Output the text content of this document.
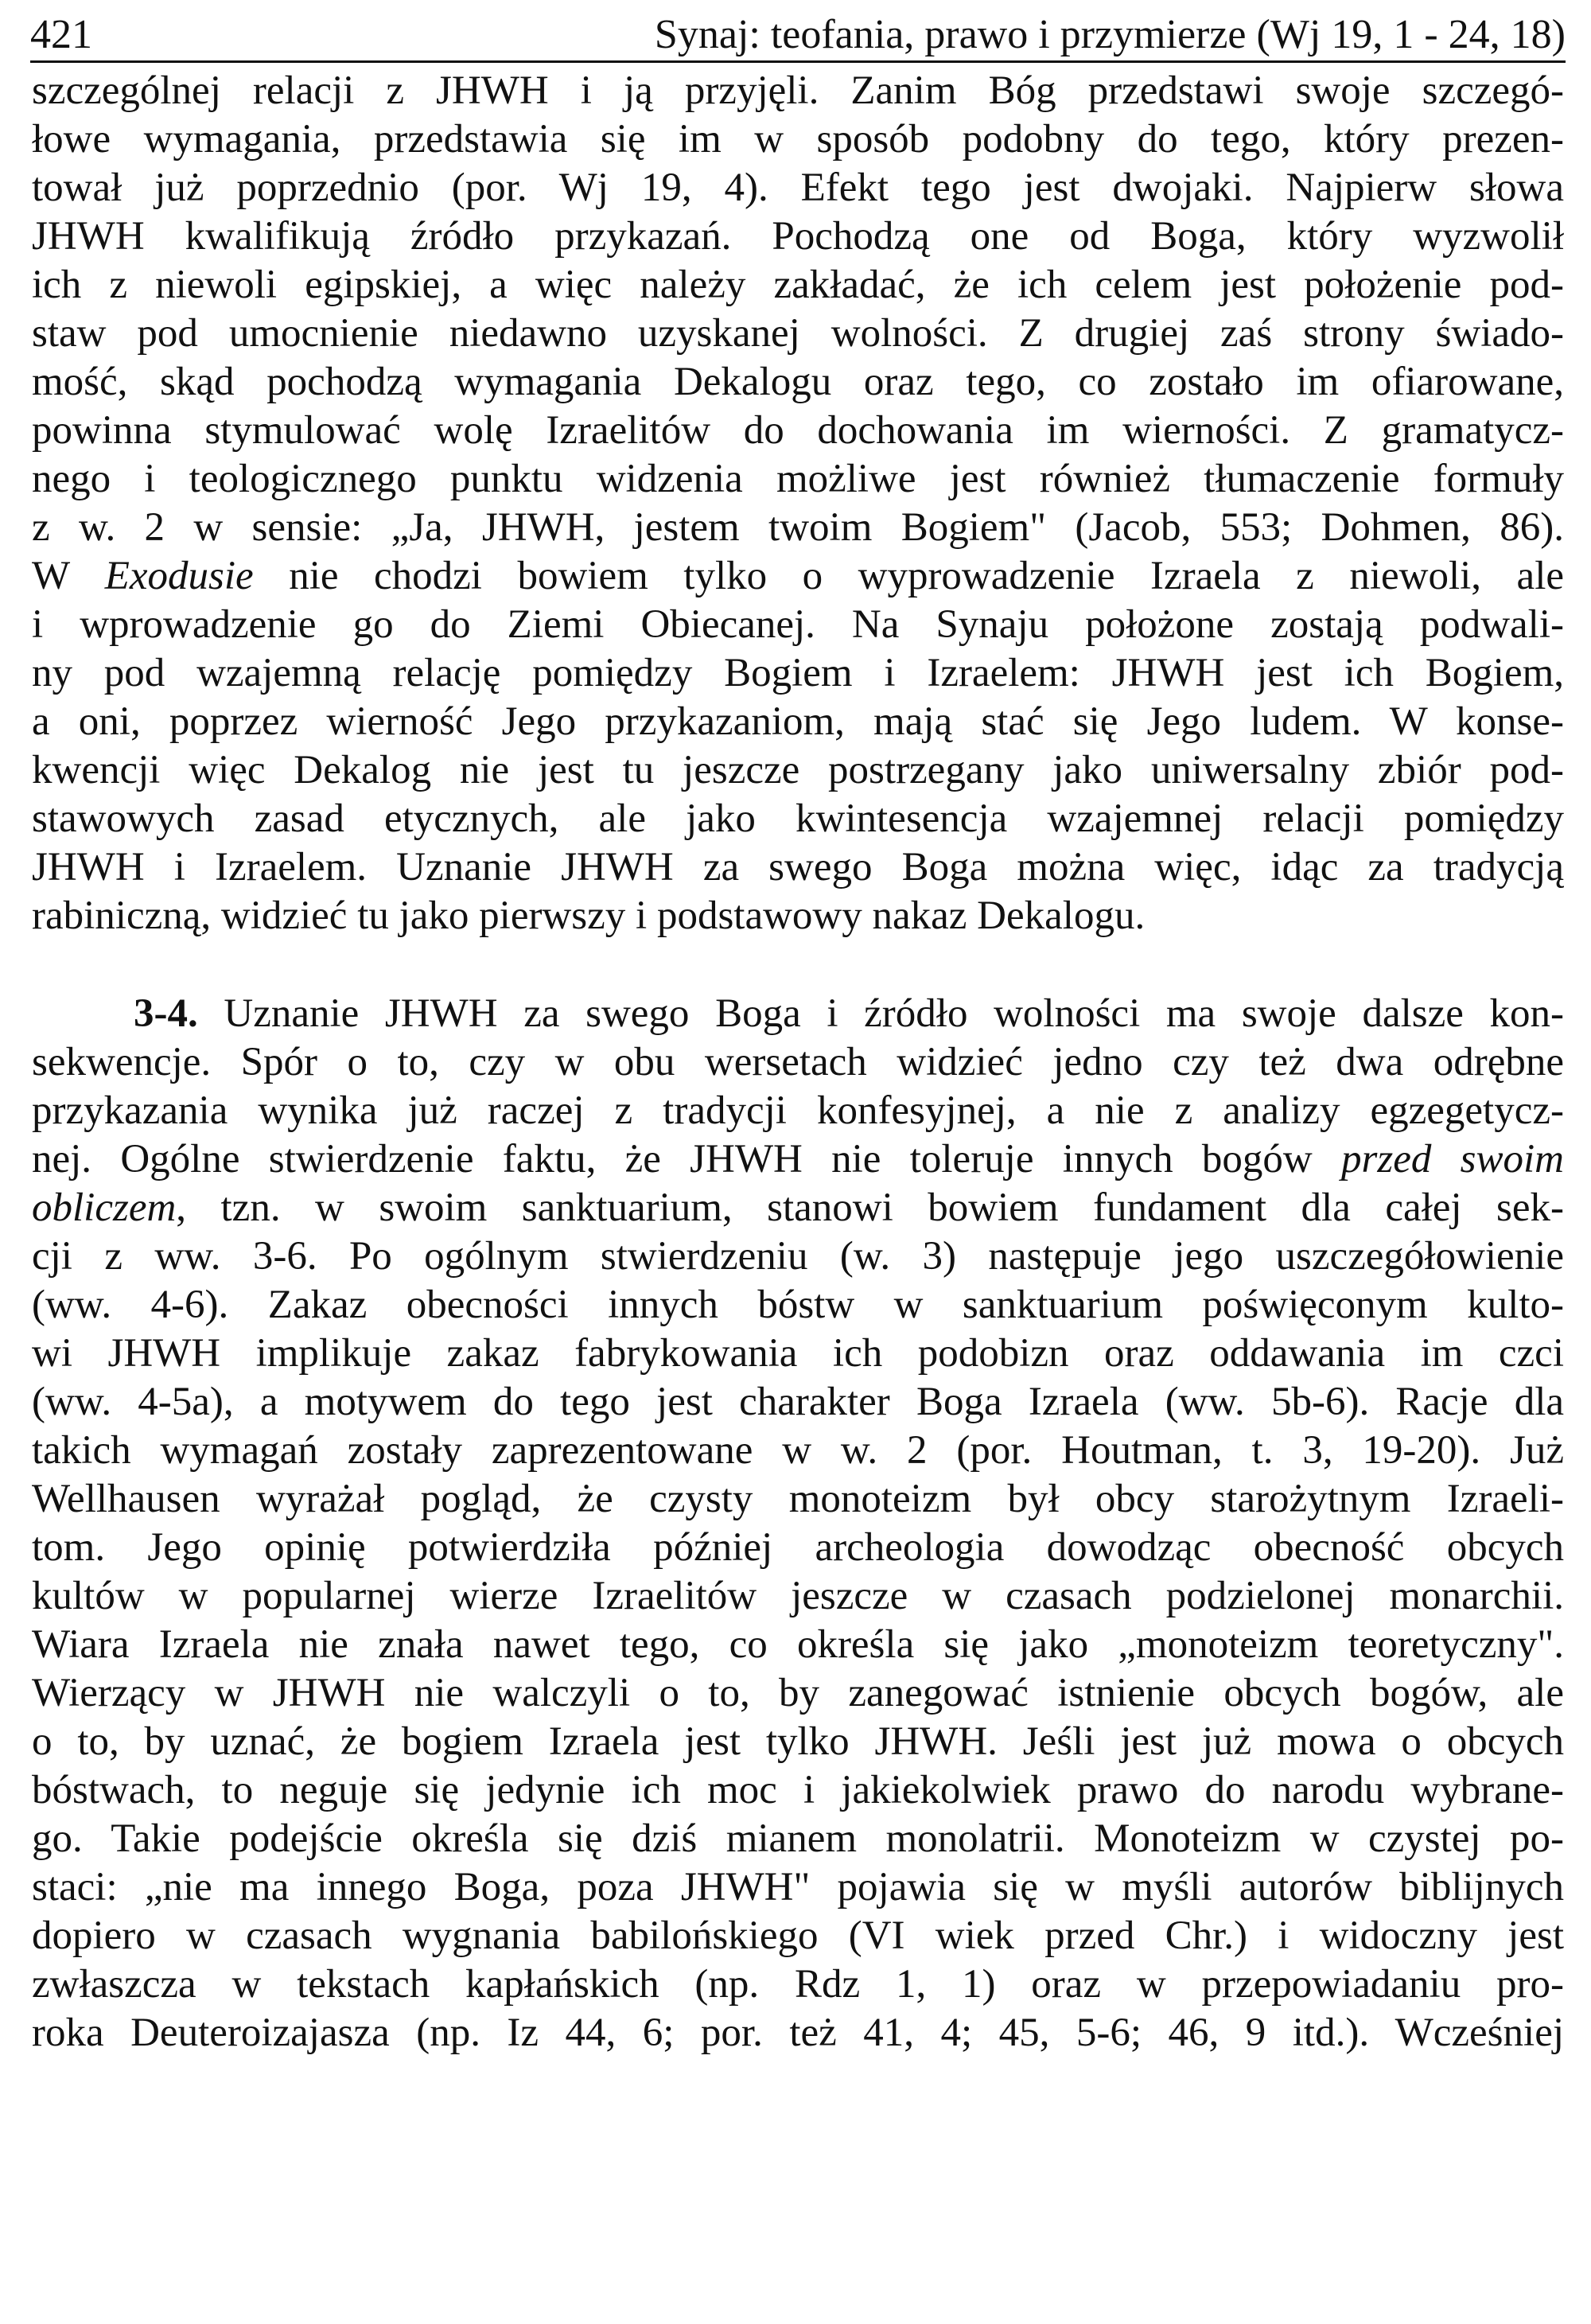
421	Synaj: teofania, prawo i przymierze (Wj 19, 1 - 24, 18)
szczególnej relacji z JHWH i ją przyjęli. Zanim Bóg przedstawi swoje szczegó-
łowe wymagania, przedstawia się im w sposób podobny do tego, który prezen-
tował już poprzednio (por. Wj 19, 4). Efekt tego jest dwojaki. Najpierw słowa
JHWH kwalifikują źródło przykazań. Pochodzą one od Boga, który wyzwolił
ich z niewoli egipskiej, a więc należy zakładać, że ich celem jest położenie pod-
staw pod umocnienie niedawno uzyskanej wolności. Z drugiej zaś strony świado-
mość, skąd pochodzą wymagania Dekalogu oraz tego, co zostało im ofiarowane,
powinna stymulować wolę Izraelitów do dochowania im wierności. Z gramatycz-
nego i teologicznego punktu widzenia możliwe jest również tłumaczenie formuły
z w. 2 w sensie: „Ja, JHWH, jestem twoim Bogiem" (Jacob, 553; Dohmen, 86).
W Exodusie nie chodzi bowiem tylko o wyprowadzenie Izraela z niewoli, ale
i wprowadzenie go do Ziemi Obiecanej. Na Synaju położone zostają podwali-
ny pod wzajemną relację pomiędzy Bogiem i Izraelem: JHWH jest ich Bogiem,
a oni, poprzez wierność Jego przykazaniom, mają stać się Jego ludem. W konse-
kwencji więc Dekalog nie jest tu jeszcze postrzegany jako uniwersalny zbiór pod-
stawowych zasad etycznych, ale jako kwintesencja wzajemnej relacji pomiędzy
JHWH i Izraelem. Uznanie JHWH za swego Boga można więc, idąc za tradycją
rabiniczną, widzieć tu jako pierwszy i podstawowy nakaz Dekalogu.
3-4. Uznanie JHWH za swego Boga i źródło wolności ma swoje dalsze kon-
sekwencje. Spór o to, czy w obu wersetach widzieć jedno czy też dwa odrębne
przykazania wynika już raczej z tradycji konfesyjnej, a nie z analizy egzegetycz-
nej. Ogólne stwierdzenie faktu, że JHWH nie toleruje innych bogów przed swoim
obliczem, tzn. w swoim sanktuarium, stanowi bowiem fundament dla całej sek-
cji z ww. 3-6. Po ogólnym stwierdzeniu (w. 3) następuje jego uszczegółowienie
(ww. 4-6). Zakaz obecności innych bóstw w sanktuarium poświęconym kulto-
wi JHWH implikuje zakaz fabrykowania ich podobizn oraz oddawania im czci
(ww. 4-5a), a motywem do tego jest charakter Boga Izraela (ww. 5b-6). Racje dla
takich wymagań zostały zaprezentowane w w. 2 (por. Houtman, t. 3, 19-20). Już
Wellhausen wyrażał pogląd, że czysty monoteizm był obcy starożytnym Izraeli-
tom. Jego opinię potwierdziła później archeologia dowodząc obecność obcych
kultów w popularnej wierze Izraelitów jeszcze w czasach podzielonej monarchii.
Wiara Izraela nie znała nawet tego, co określa się jako „monoteizm teoretyczny".
Wierzący w JHWH nie walczyli o to, by zanegować istnienie obcych bogów, ale
o to, by uznać, że bogiem Izraela jest tylko JHWH. Jeśli jest już mowa o obcych
bóstwach, to neguje się jedynie ich moc i jakiekolwiek prawo do narodu wybrane-
go. Takie podejście określa się dziś mianem monolatrii. Monoteizm w czystej po-
staci: „nie ma innego Boga, poza JHWH" pojawia się w myśli autorów biblijnych
dopiero w czasach wygnania babilońskiego (VI wiek przed Chr.) i widoczny jest
zwłaszcza w tekstach kapłańskich (np. Rdz 1, 1) oraz w przepowiadaniu pro-
roka Deuteroizajasza (np. Iz 44, 6; por. też 41, 4; 45, 5-6; 46, 9 itd.). Wcześniej
